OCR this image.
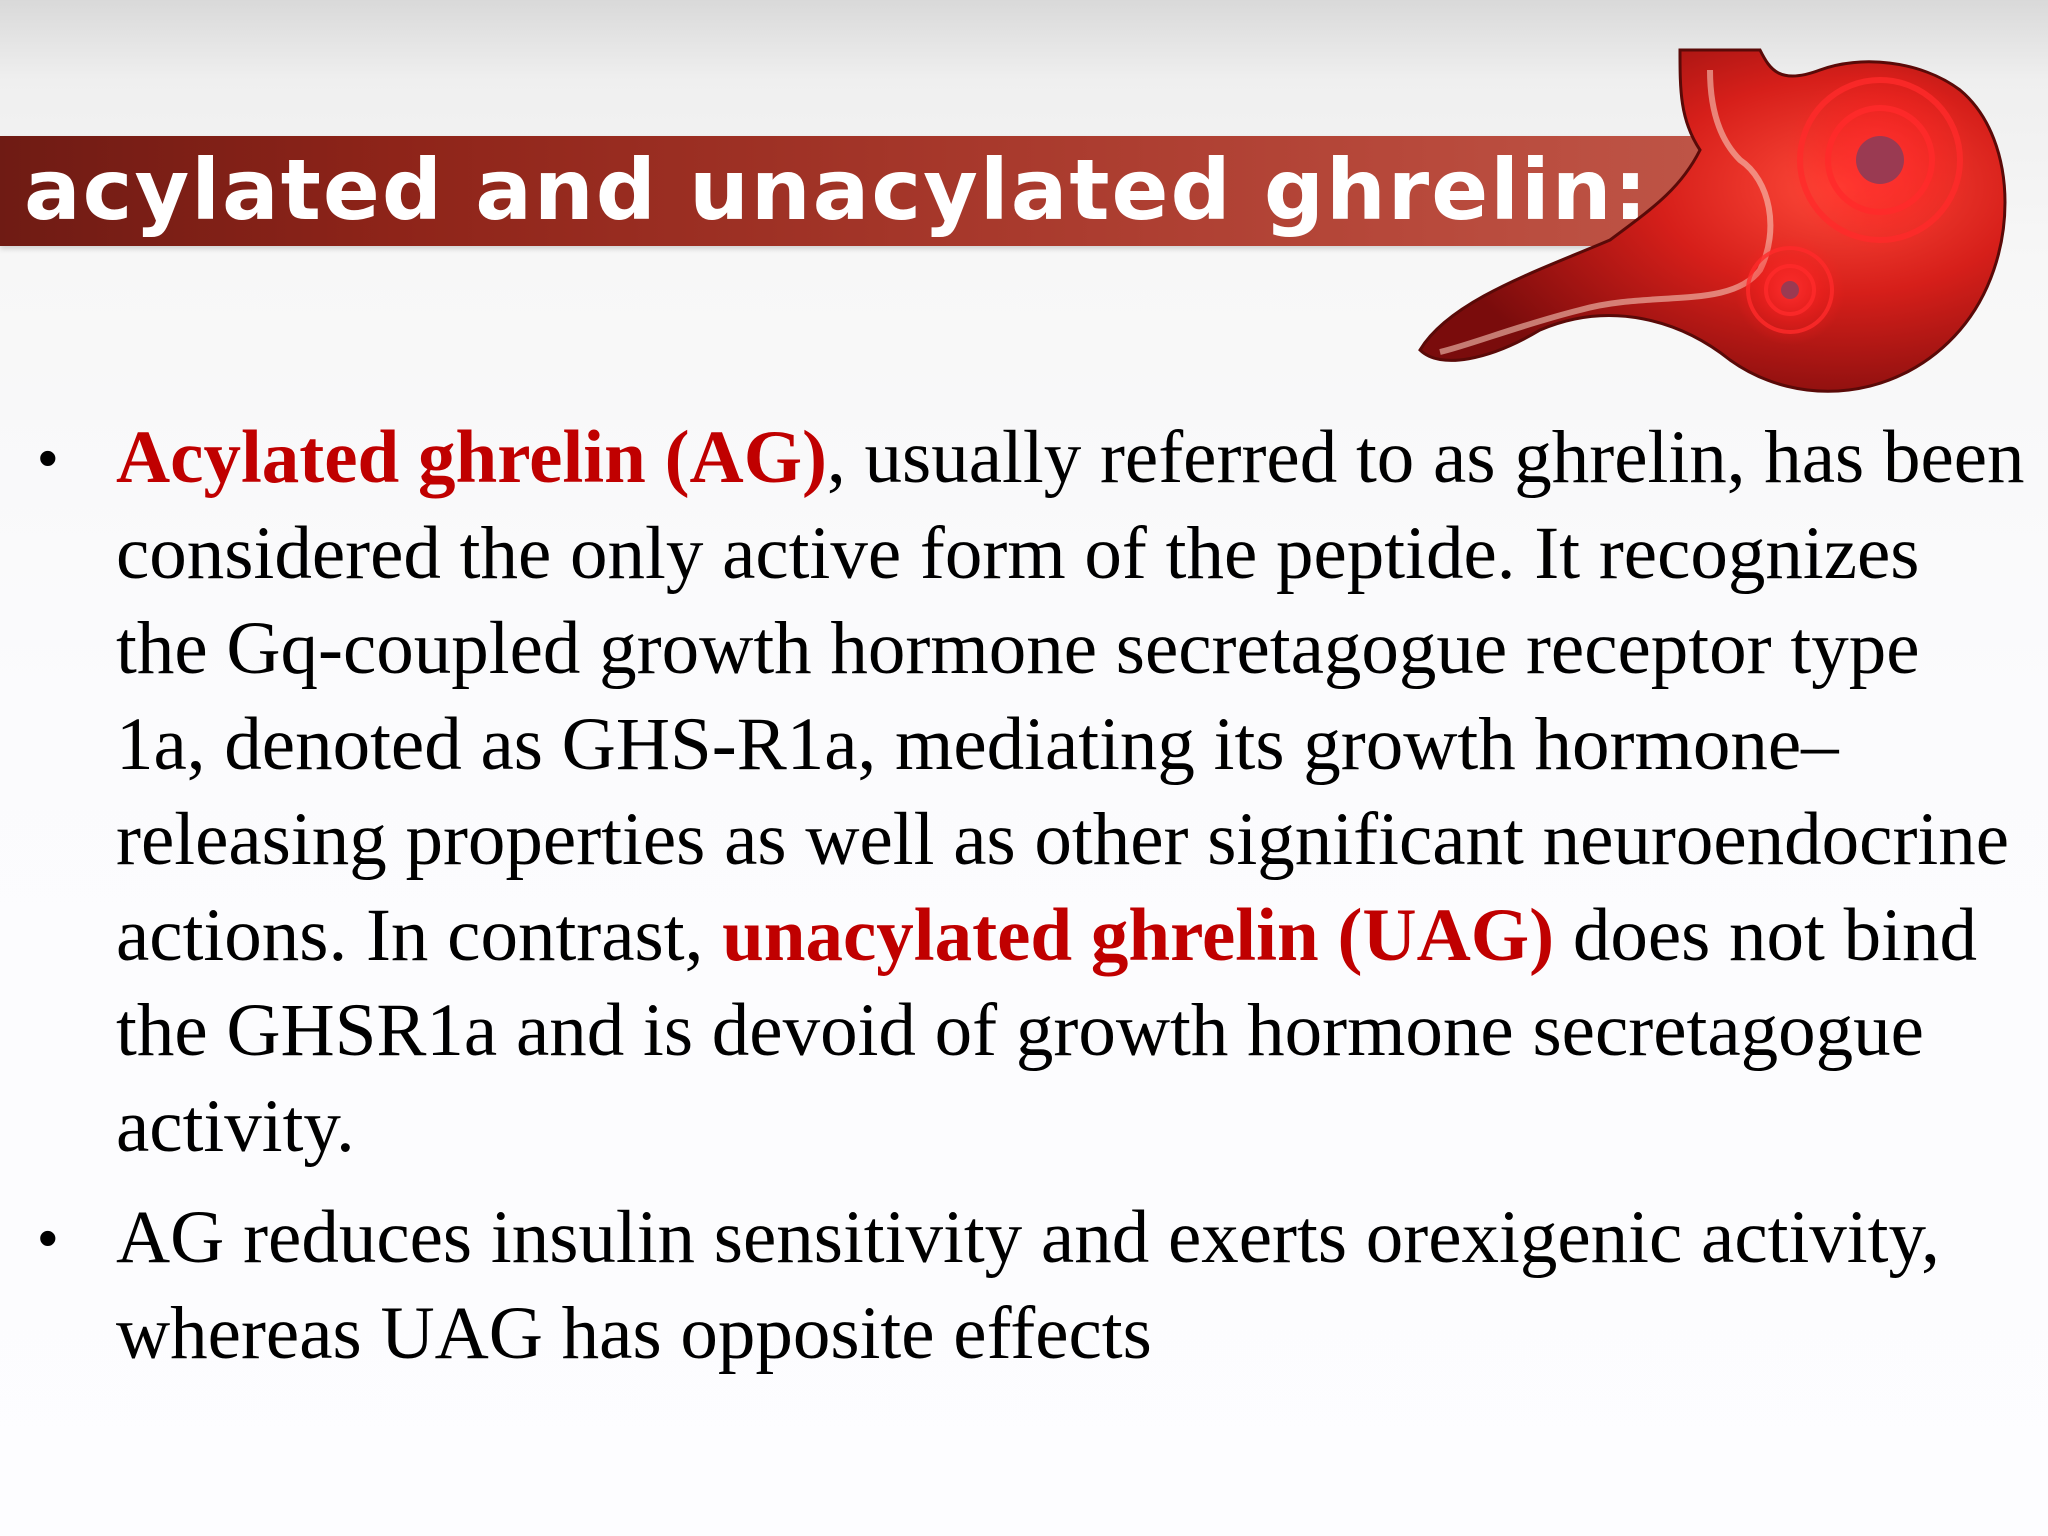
acylated and unacylated ghrelin:
• Acylated ghrelin (AG), usually referred to as ghrelin, has been considered the only active form of the peptide. It recognizes the Gq-coupled growth hormone secretagogue receptor type 1a, denoted as GHS-R1a, mediating its growth hormone–releasing properties as well as other significant neuroendocrine actions. In contrast, unacylated ghrelin (UAG) does not bind the GHSR1a and is devoid of growth hormone secretagogue activity.
• AG reduces insulin sensitivity and exerts orexigenic activity, whereas UAG has opposite effects
